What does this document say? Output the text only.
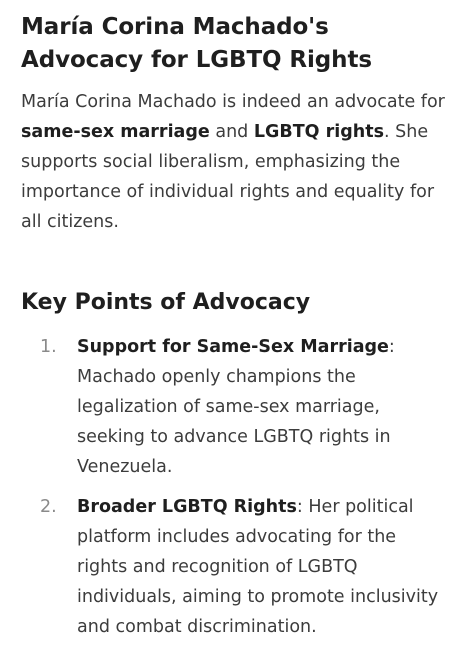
María Corina Machado's Advocacy for LGBTQ Rights

María Corina Machado is indeed an advocate for same-sex marriage and LGBTQ rights. She supports social liberalism, emphasizing the importance of individual rights and equality for all citizens.

Key Points of Advocacy
1. Support for Same-Sex Marriage: Machado openly champions the legalization of same-sex marriage, seeking to advance LGBTQ rights in Venezuela.
2. Broader LGBTQ Rights: Her political platform includes advocating for the rights and recognition of LGBTQ individuals, aiming to promote inclusivity and combat discrimination.
